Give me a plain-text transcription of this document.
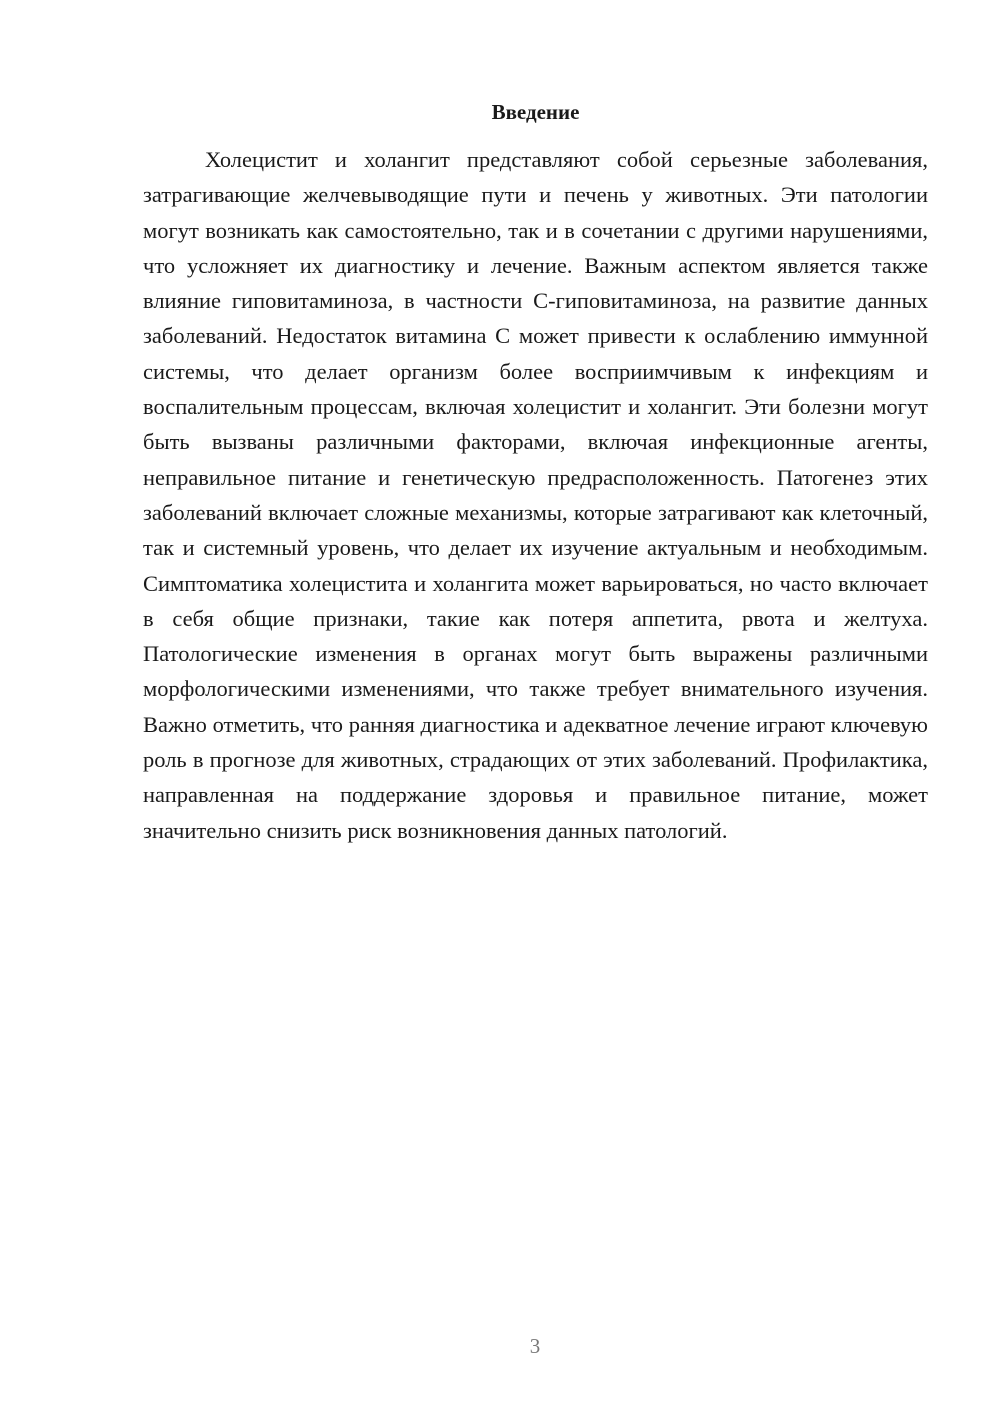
Введение

Холецистит и холангит представляют собой серьезные заболевания, затрагивающие желчевыводящие пути и печень у животных. Эти патологии могут возникать как самостоятельно, так и в сочетании с другими нарушениями, что усложняет их диагностику и лечение. Важным аспектом является также влияние гиповитаминоза, в частности С-гиповитаминоза, на развитие данных заболеваний. Недостаток витамина С может привести к ослаблению иммунной системы, что делает организм более восприимчивым к инфекциям и воспалительным процессам, включая холецистит и холангит. Эти болезни могут быть вызваны различными факторами, включая инфекционные агенты, неправильное питание и генетическую предрасположенность. Патогенез этих заболеваний включает сложные механизмы, которые затрагивают как клеточный, так и системный уровень, что делает их изучение актуальным и необходимым. Симптоматика холецистита и холангита может варьироваться, но часто включает в себя общие признаки, такие как потеря аппетита, рвота и желтуха. Патологические изменения в органах могут быть выражены различными морфологическими изменениями, что также требует внимательного изучения. Важно отметить, что ранняя диагностика и адекватное лечение играют ключевую роль в прогнозе для животных, страдающих от этих заболеваний. Профилактика, направленная на поддержание здоровья и правильное питание, может значительно снизить риск возникновения данных патологий.

3
